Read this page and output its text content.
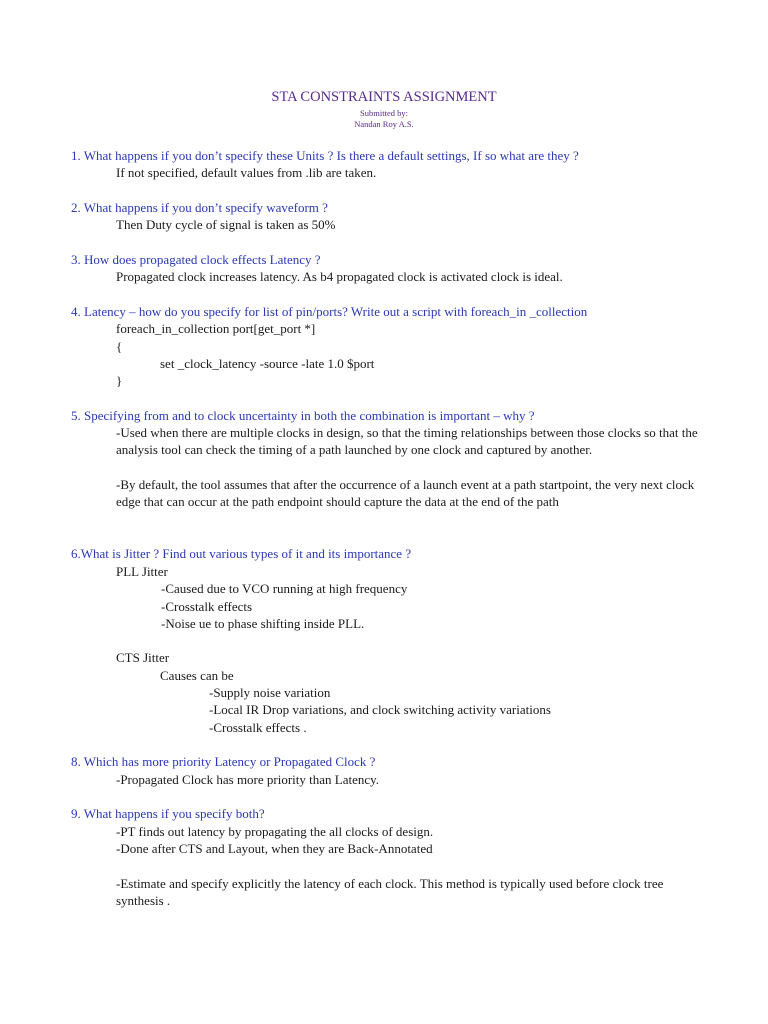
STA CONSTRAINTS ASSIGNMENT
Submitted by:
Nandan Roy A.S.
1. What happens if you don’t specify these Units ? Is there a default settings, If so what are they ?
If not specified, default values from .lib are taken.
2. What happens if you don’t specify waveform ?
Then Duty cycle of signal is taken as 50%
3. How does propagated clock effects Latency ?
Propagated clock increases latency. As b4 propagated clock is activated clock is ideal.
4. Latency – how do you specify for list of pin/ports? Write out a script with foreach_in _collection
foreach_in_collection port[get_port *]
{
set _clock_latency -source -late 1.0 $port
}
5. Specifying from and to clock uncertainty in both the combination is important – why ?
-Used when there are multiple clocks in design, so that the timing relationships between those clocks so that the analysis tool can check the timing of a path launched by one clock and captured by another.
-By default, the tool assumes that after the occurrence of a launch event at a path startpoint, the very next clock edge that can occur at the path endpoint should capture the data at the end of the path
6.What is Jitter ? Find out various types of it and its importance ?
PLL Jitter
-Caused due to VCO running at high frequency
-Crosstalk effects
-Noise ue to phase shifting inside PLL.
CTS Jitter
Causes can be
-Supply noise variation
-Local IR Drop variations, and clock switching activity variations
-Crosstalk effects .
8. Which has more priority Latency or Propagated Clock ?
-Propagated Clock has more priority than Latency.
9. What happens if you specify both?
-PT finds out latency by propagating the all clocks of design.
-Done after CTS and Layout, when they are Back-Annotated
-Estimate and specify explicitly the latency of each clock. This method is typically used before clock tree synthesis .
